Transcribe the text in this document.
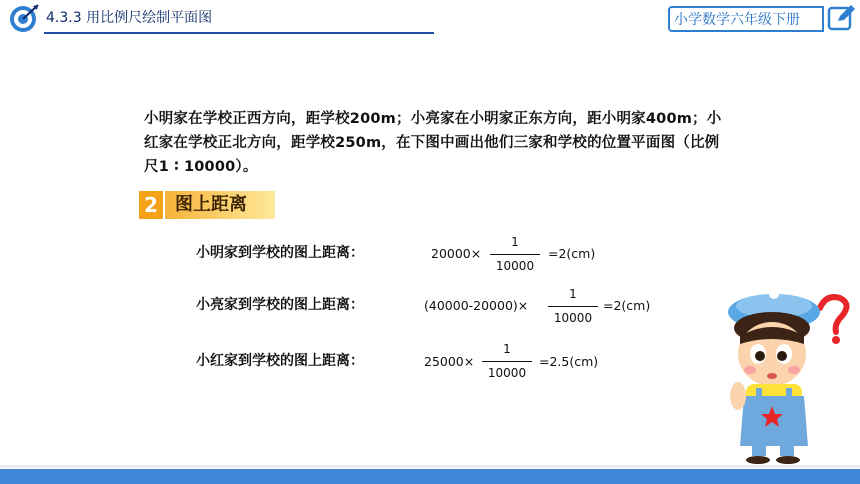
4.3.3 用比例尺绘制平面图	小学数学六年级下册
小明家在学校正西方向，距学校200m；小亮家在小明家正东方向，距小明家400m；小红家在学校正北方向，距学校250m，在下图中画出他们三家和学校的位置平面图（比例尺1 ∶ 10000）。
2 图上距离
小明家到学校的图上距离：	20000×
1
10000
=2(cm)
小亮家到学校的图上距离：	(40000-20000)×
1
10000
=2(cm)
小红家到学校的图上距离：	25000×
1
10000
=2.5(cm)
